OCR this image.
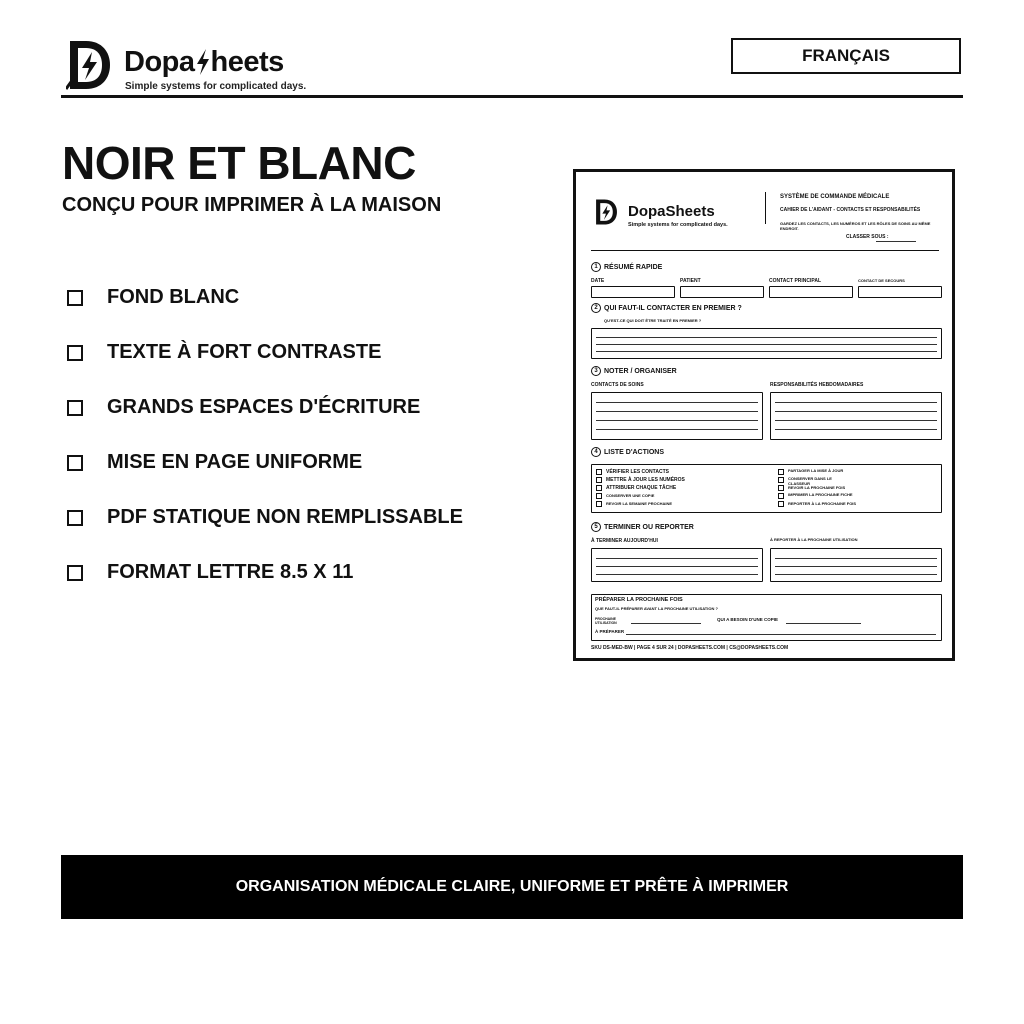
Dopa heets
Simple systems for complicated days.
FRANÇAIS
NOIR ET BLANC
CONÇU POUR IMPRIMER À LA MAISON
FOND BLANC
TEXTE À FORT CONTRASTE
GRANDS ESPACES D'ÉCRITURE
MISE EN PAGE UNIFORME
PDF STATIQUE NON REMPLISSABLE
FORMAT LETTRE 8.5 X 11
DopaSheets
Simple systems for complicated days.
SYSTÈME DE COMMANDE MÉDICALE
CAHIER DE L'AIDANT - CONTACTS ET RESPONSABILITÉS
GARDEZ LES CONTACTS, LES NUMÉROS ET LES RÔLES DE SOINS AU MÊME ENDROIT.
CLASSER SOUS :
1 RÉSUMÉ RAPIDE
DATE	PATIENT	CONTACT PRINCIPAL	CONTACT DE SECOURS
2 QUI FAUT-IL CONTACTER EN PREMIER ?
QU'EST-CE QUI DOIT ÊTRE TRAITÉ EN PREMIER ?
3 NOTER / ORGANISER
CONTACTS DE SOINS	RESPONSABILITÉS HEBDOMADAIRES
4 LISTE D'ACTIONS
VÉRIFIER LES CONTACTS
METTRE À JOUR LES NUMÉROS
ATTRIBUER CHAQUE TÂCHE
CONSERVER UNE COPIE
REVOIR LA SEMAINE PROCHAINE
PARTAGER LA MISE À JOUR
CONSERVER DANS LE CLASSEUR
REVOIR LA PROCHAINE FOIS
IMPRIMER LA PROCHAINE FICHE
REPORTER À LA PROCHAINE FOIS
5 TERMINER OU REPORTER
À TERMINER AUJOURD'HUI	À REPORTER À LA PROCHAINE UTILISATION
PRÉPARER LA PROCHAINE FOIS
QUE FAUT-IL PRÉPARER AVANT LA PROCHAINE UTILISATION ?
PROCHAINE UTILISATION
QUI A BESOIN D'UNE COPIE
À PRÉPARER
SKU DS-MED-BW | PAGE 4 SUR 24 | DOPASHEETS.COM | CS@DOPASHEETS.COM
ORGANISATION MÉDICALE CLAIRE, UNIFORME ET PRÊTE À IMPRIMER
